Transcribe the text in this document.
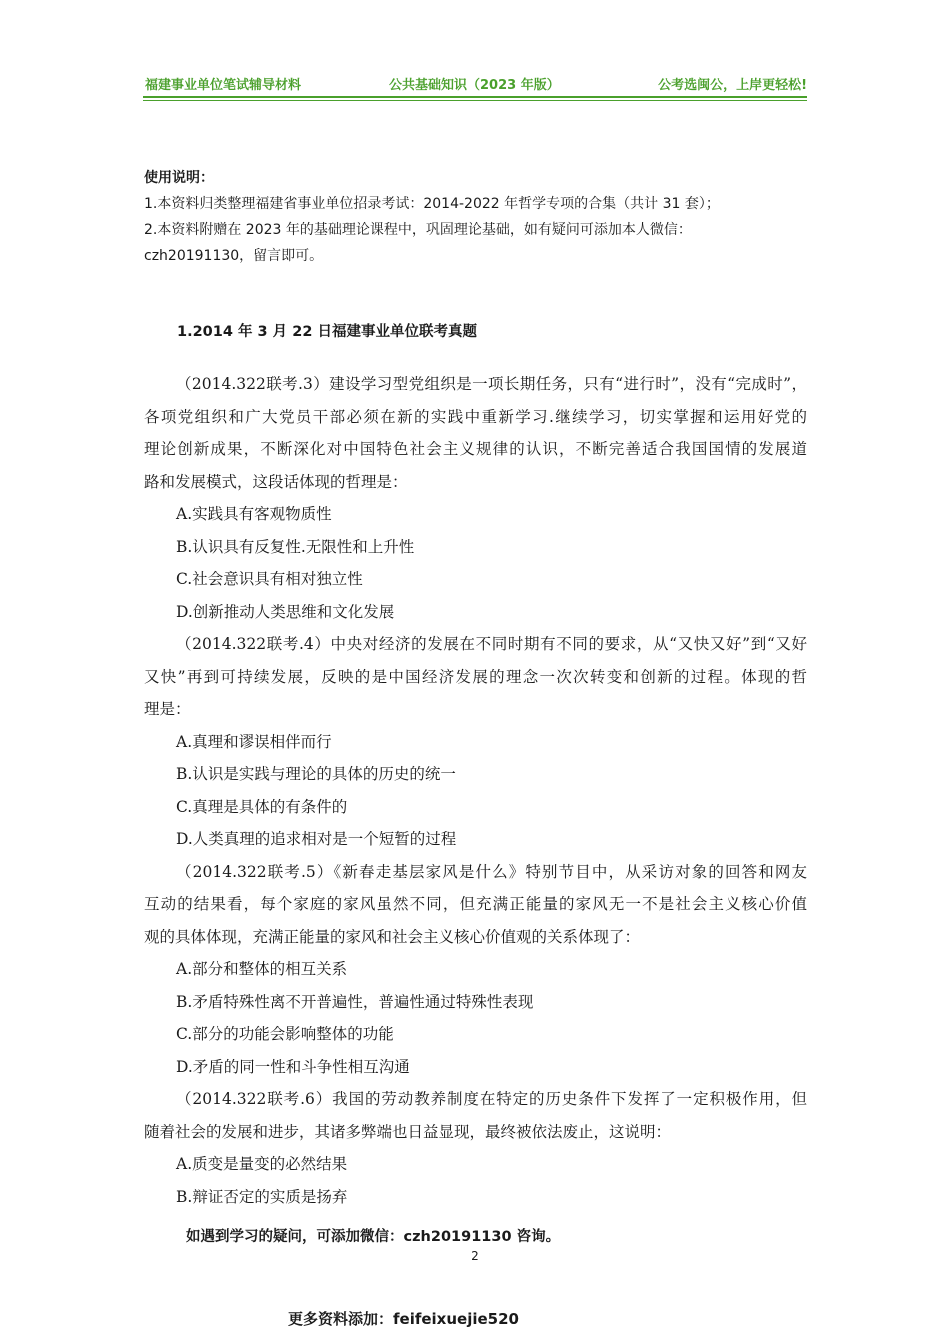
福建事业单位笔试辅导材料	公共基础知识（2023 年版）	公考选闽公，上岸更轻松!
使用说明：
1.本资料归类整理福建省事业单位招录考试：2014-2022 年哲学专项的合集（共计 31 套）；
2.本资料附赠在 2023 年的基础理论课程中，巩固理论基础，如有疑问可添加本人微信：
czh20191130，留言即可。
1.2014 年 3 月 22 日福建事业单位联考真题
（2014.322联考.3）建设学习型党组织是一项长期任务，只有“进行时”，没有“完成时”，
各项党组织和广大党员干部必须在新的实践中重新学习.继续学习，切实掌握和运用好党的
理论创新成果，不断深化对中国特色社会主义规律的认识，不断完善适合我国国情的发展道
路和发展模式，这段话体现的哲理是：
A.实践具有客观物质性
B.认识具有反复性.无限性和上升性
C.社会意识具有相对独立性
D.创新推动人类思维和文化发展
（2014.322联考.4）中央对经济的发展在不同时期有不同的要求，从“又快又好”到“又好
又快”再到可持续发展，反映的是中国经济发展的理念一次次转变和创新的过程。体现的哲
理是：
A.真理和谬误相伴而行
B.认识是实践与理论的具体的历史的统一
C.真理是具体的有条件的
D.人类真理的追求相对是一个短暂的过程
（2014.322联考.5）《新春走基层家风是什么》特别节目中，从采访对象的回答和网友
互动的结果看，每个家庭的家风虽然不同，但充满正能量的家风无一不是社会主义核心价值
观的具体体现，充满正能量的家风和社会主义核心价值观的关系体现了：
A.部分和整体的相互关系
B.矛盾特殊性离不开普遍性，普遍性通过特殊性表现
C.部分的功能会影响整体的功能
D.矛盾的同一性和斗争性相互沟通
（2014.322联考.6）我国的劳动教养制度在特定的历史条件下发挥了一定积极作用，但
随着社会的发展和进步，其诸多弊端也日益显现，最终被依法废止，这说明：
A.质变是量变的必然结果
B.辩证否定的实质是扬弃
如遇到学习的疑问，可添加微信：czh20191130 咨询。
2
更多资料添加：feifeixuejie520
